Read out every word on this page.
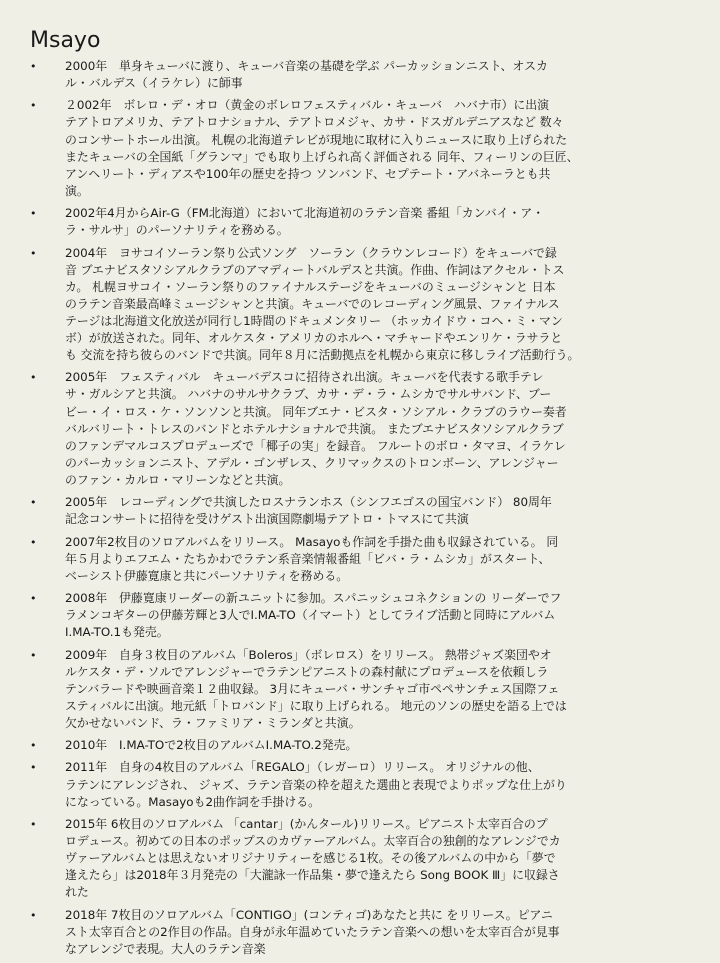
Msayo
• 2000年　単身キューバに渡り、キューバ音楽の基礎を学ぶ パーカッションニスト、オスカ
ル・バルデス（イラケレ）に師事
• ２002年　ボレロ・デ・オロ（黄金のボレロフェスティバル・キューバ　ハバナ市）に出演
テアトロアメリカ、テアトロナショナル、テアトロメジャ、カサ・ドスガルデニアスなど 数々
のコンサートホール出演。 札幌の北海道テレビが現地に取材に入りニュースに取り上げられた
またキューバの全国紙「グランマ」でも取り上げられ高く評価される 同年、フィーリンの巨匠、
アンヘリート・ディアスや100年の歴史を持つ ソンバンド、セプテート・アバネーラとも共
演。
• 2002年4月からAir-G（FM北海道）において北海道初のラテン音楽 番組「カンバイ・ア・
ラ・サルサ」のパーソナリティを務める。
• 2004年　ヨサコイソーラン祭り公式ソング　ソーラン（クラウンレコード）をキューバで録
音 ブエナビスタソシアルクラブのアマディートバルデスと共演。作曲、作詞はアクセル・トス
カ。 札幌ヨサコイ・ソーラン祭りのファイナルステージをキューバのミュージシャンと 日本
のラテン音楽最高峰ミュージシャンと共演。キューバでのレコーディング風景、ファイナルス
テージは北海道文化放送が同行し1時間のドキュメンタリー （ホッカイドウ・コヘ・ミ・マン
ボ）が放送された。同年、オルケスタ・アメリカのホルヘ・マチャードやエンリケ・ラサラと
も 交流を持ち彼らのバンドで共演。同年８月に活動拠点を札幌から東京に移しライブ活動行う。
• 2005年　フェスティバル　キューバデスコに招待され出演。キューバを代表する歌手テレ
サ・ガルシアと共演。 ハバナのサルサクラブ、カサ・デ・ラ・ムシカでサルサバンド、ブー
ビー・イ・ロス・ケ・ソンソンと共演。 同年ブエナ・ビスタ・ソシアル・クラブのラウー奏者
バルバリート・トレスのバンドとホテルナショナルで共演。 またブエナビスタソシアルクラブ
のファンデマルコスプロデューズで「椰子の実」を録音。 フルートのボロ・タマヨ、イラケレ
のパーカッションニスト、アデル・ゴンザレス、クリマックスのトロンボーン、アレンジャー
のファン・カルロ・マリーンなどと共演。
• 2005年　レコーディングで共演したロスナランホス（シンフエゴスの国宝バンド） 80周年
記念コンサートに招待を受けゲスト出演国際劇場テアトロ・トマスにて共演
• 2007年2枚目のソロアルバムをリリース。 Masayoも作詞を手掛た曲も収録されている。 同
年５月よりエフエム・たちかわでラテン系音楽情報番組「ビバ・ラ・ムシカ」がスタート、
ベーシスト伊藤寛康と共にパーソナリティを務める。
• 2008年　伊藤寛康リーダーの新ユニットに参加。スパニッシュコネクションの リーダーでフ
ラメンコギターの伊藤芳輝と3人でI.MA-TO（イマート）としてライブ活動と同時にアルバム
I.MA-TO.1も発売。
• 2009年　自身３枚目のアルバム「Boleros」（ボレロス）をリリース。 熱帯ジャズ楽団やオ
ルケスタ・デ・ソルでアレンジャーでラテンピアニストの森村献にプロデュースを依頼しラ
テンバラードや映画音楽１２曲収録。 3月にキューバ・サンチャゴ市ペペサンチェス国際フェ
スティバルに出演。地元紙「トロバンド」に取り上げられる。 地元のソンの歴史を語る上では
欠かせないバンド、ラ・ファミリア・ミランダと共演。
• 2010年　I.MA-TOで2枚目のアルバムI.MA-TO.2発売。
• 2011年　自身の4枚目のアルバム「REGALO」（レガーロ）リリース。 オリジナルの他、
ラテンにアレンジされ、 ジャズ、ラテン音楽の枠を超えた選曲と表現でよりポップな仕上がり
になっている。Masayoも2曲作詞を手掛ける。
• 2015年 6枚目のソロアルバム 「cantar」(かんタール)リリース。ピアニスト太宰百合のプ
ロデュース。初めての日本のポップスのカヴァーアルバム。太宰百合の独創的なアレンジでカ
ヴァーアルバムとは思えないオリジナリティーを感じる1枚。その後アルバムの中から「夢で
逢えたら」は2018年３月発売の「大瀧詠一作品集・夢で逢えたら Song BOOK Ⅲ」に収録さ
れた
• 2018年 7枚目のソロアルバム「CONTIGO」(コンティゴ)あなたと共に をリリース。ピアニ
スト太宰百合との2作目の作品。自身が永年温めていたラテン音楽への想いを太宰百合が見事
なアレンジで表現。大人のラテン音楽
